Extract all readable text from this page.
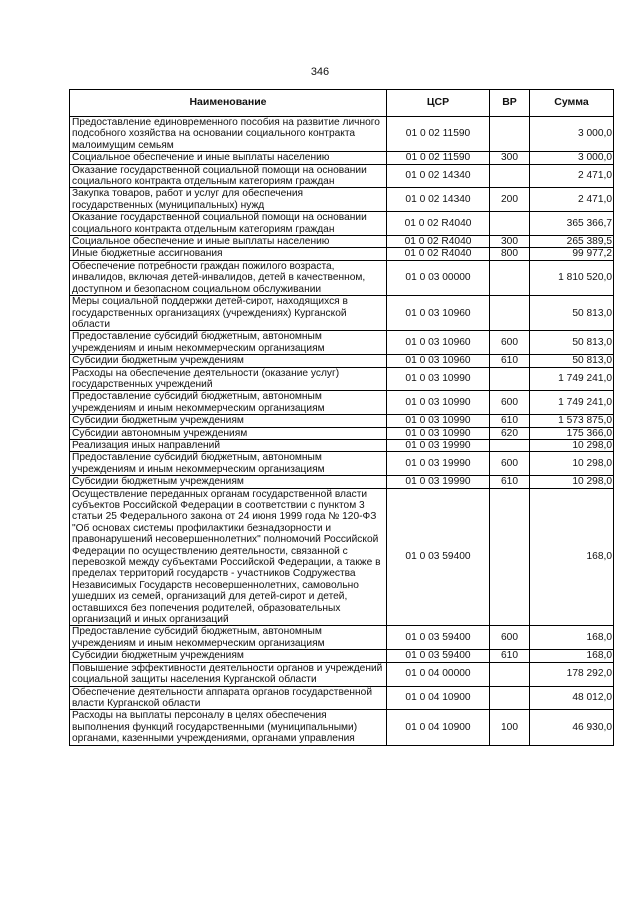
346
Наименование	ЦСР	ВР	Сумма
Предоставление единовременного пособия на развитие личного подсобного хозяйства на основании социального контракта малоимущим семьям	01 0 02 11590		3 000,0
Социальное обеспечение и иные выплаты населению	01 0 02 11590	300	3 000,0
Оказание государственной социальной помощи на основании социального контракта отдельным категориям граждан	01 0 02 14340		2 471,0
Закупка товаров, работ и услуг для обеспечения государственных (муниципальных) нужд	01 0 02 14340	200	2 471,0
Оказание государственной социальной помощи на основании социального контракта отдельным категориям граждан	01 0 02 R4040		365 366,7
Социальное обеспечение и иные выплаты населению	01 0 02 R4040	300	265 389,5
Иные бюджетные ассигнования	01 0 02 R4040	800	99 977,2
Обеспечение потребности граждан пожилого возраста, инвалидов, включая детей-инвалидов, детей в качественном, доступном и безопасном социальном обслуживании	01 0 03 00000		1 810 520,0
Меры социальной поддержки детей-сирот, находящихся в государственных организациях (учреждениях) Курганской области	01 0 03 10960		50 813,0
Предоставление субсидий бюджетным, автономным учреждениям и иным некоммерческим организациям	01 0 03 10960	600	50 813,0
Субсидии бюджетным учреждениям	01 0 03 10960	610	50 813,0
Расходы на обеспечение деятельности (оказание услуг) государственных учреждений	01 0 03 10990		1 749 241,0
Предоставление субсидий бюджетным, автономным учреждениям и иным некоммерческим организациям	01 0 03 10990	600	1 749 241,0
Субсидии бюджетным учреждениям	01 0 03 10990	610	1 573 875,0
Субсидии автономным учреждениям	01 0 03 10990	620	175 366,0
Реализация иных направлений	01 0 03 19990		10 298,0
Предоставление субсидий бюджетным, автономным учреждениям и иным некоммерческим организациям	01 0 03 19990	600	10 298,0
Субсидии бюджетным учреждениям	01 0 03 19990	610	10 298,0
Осуществление переданных органам государственной власти субъектов Российской Федерации в соответствии с пунктом 3 статьи 25 Федерального закона от 24 июня 1999 года № 120-ФЗ "Об основах системы профилактики безнадзорности и правонарушений несовершеннолетних" полномочий Российской Федерации по осуществлению деятельности, связанной с перевозкой между субъектами Российской Федерации, а также в пределах территорий государств - участников Содружества Независимых Государств несовершеннолетних, самовольно ушедших из семей, организаций для детей-сирот и детей, оставшихся без попечения родителей, образовательных организаций и иных организаций	01 0 03 59400		168,0
Предоставление субсидий бюджетным, автономным учреждениям и иным некоммерческим организациям	01 0 03 59400	600	168,0
Субсидии бюджетным учреждениям	01 0 03 59400	610	168,0
Повышение эффективности деятельности органов и учреждений социальной защиты населения Курганской области	01 0 04 00000		178 292,0
Обеспечение деятельности аппарата органов государственной власти Курганской области	01 0 04 10900		48 012,0
Расходы на выплаты персоналу в целях обеспечения выполнения функций государственными (муниципальными) органами, казенными учреждениями, органами управления	01 0 04 10900	100	46 930,0
